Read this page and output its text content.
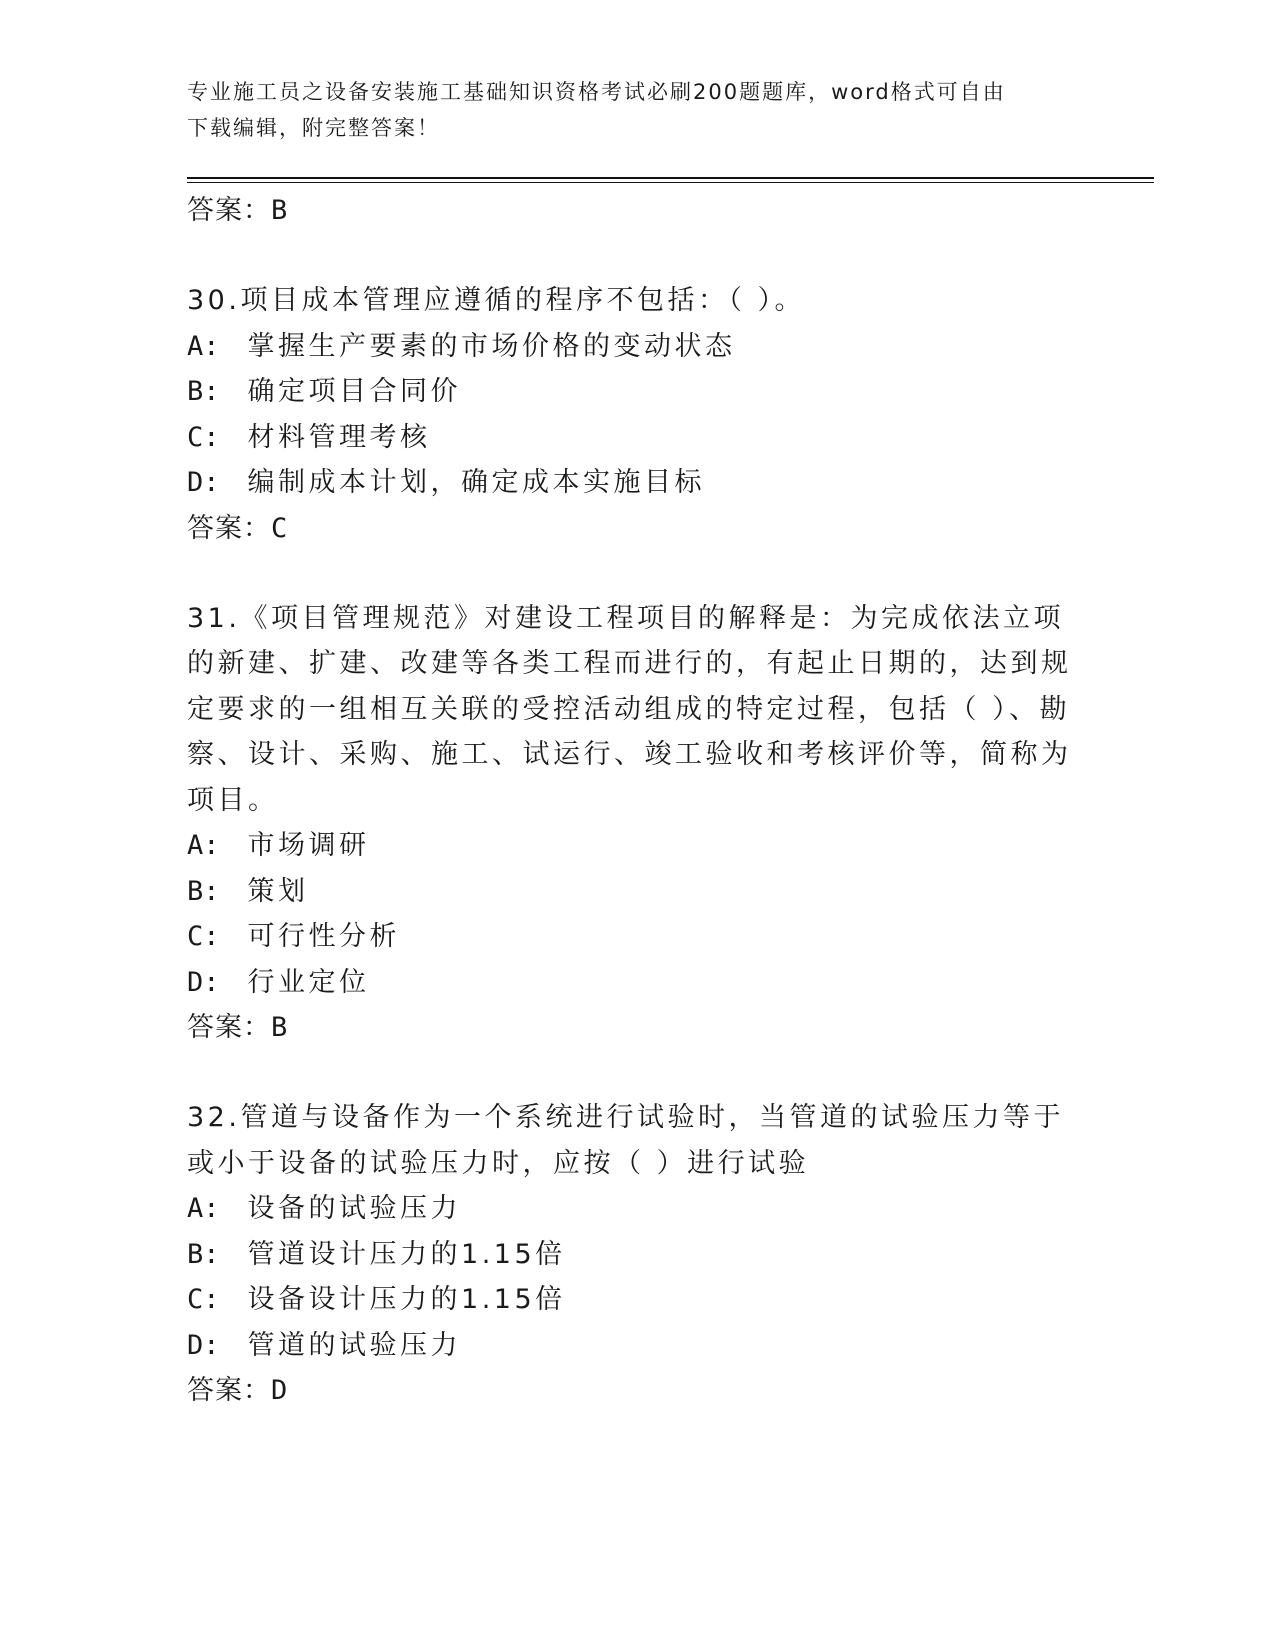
专业施工员之设备安装施工基础知识资格考试必刷200题题库，word格式可自由
下载编辑，附完整答案！

答案：B

30.项目成本管理应遵循的程序不包括：（ ）。

A: 掌握生产要素的市场价格的变动状态

B: 确定项目合同价

C: 材料管理考核

D: 编制成本计划，确定成本实施目标

答案：C

31.《项目管理规范》对建设工程项目的解释是：为完成依法立项的新建、扩建、改建等各类工程而进行的，有起止日期的，达到规定要求的一组相互关联的受控活动组成的特定过程，包括（ ）、勘察、设计、采购、施工、试运行、竣工验收和考核评价等，简称为项目。

A: 市场调研

B: 策划

C: 可行性分析

D: 行业定位

答案：B

32.管道与设备作为一个系统进行试验时，当管道的试验压力等于或小于设备的试验压力时，应按（ ）进行试验

A: 设备的试验压力

B: 管道设计压力的1.15倍

C: 设备设计压力的1.15倍

D: 管道的试验压力

答案：D
